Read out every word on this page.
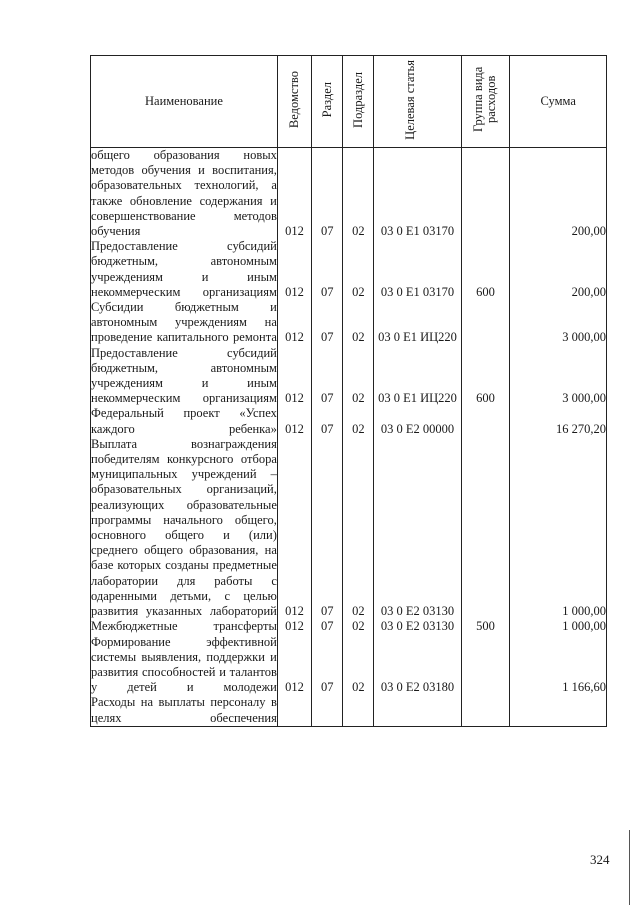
Наименование	Ведомство	Раздел	Подраздел	Целевая статья	Группа вида расходов	Сумма
общего образования новых методов обучения и воспитания, образовательных технологий, а также обновление содержания и совершенствование методов обучения	012	07	02	03 0 Е1 03170		200,00
Предоставление субсидий бюджетным, автономным учреждениям и иным некоммерческим организациям	012	07	02	03 0 Е1 03170	600	200,00
Субсидии бюджетным и автономным учреждениям на проведение капитального ремонта	012	07	02	03 0 Е1 ИЦ220		3 000,00
Предоставление субсидий бюджетным, автономным учреждениям и иным некоммерческим организациям	012	07	02	03 0 Е1 ИЦ220	600	3 000,00
Федеральный проект «Успех каждого ребенка»	012	07	02	03 0 Е2 00000		16 270,20
Выплата вознаграждения победителям конкурсного отбора муниципальных учреждений – образовательных организаций, реализующих образовательные программы начального общего, основного общего и (или) среднего общего образования, на базе которых созданы предметные лаборатории для работы с одаренными детьми, с целью развития указанных лабораторий	012	07	02	03 0 Е2 03130		1 000,00
Межбюджетные трансферты	012	07	02	03 0 Е2 03130	500	1 000,00
Формирование эффективной системы выявления, поддержки и развития способностей и талантов у детей и молодежи	012	07	02	03 0 Е2 03180		1 166,60
Расходы на выплаты персоналу в целях обеспечения						
324
